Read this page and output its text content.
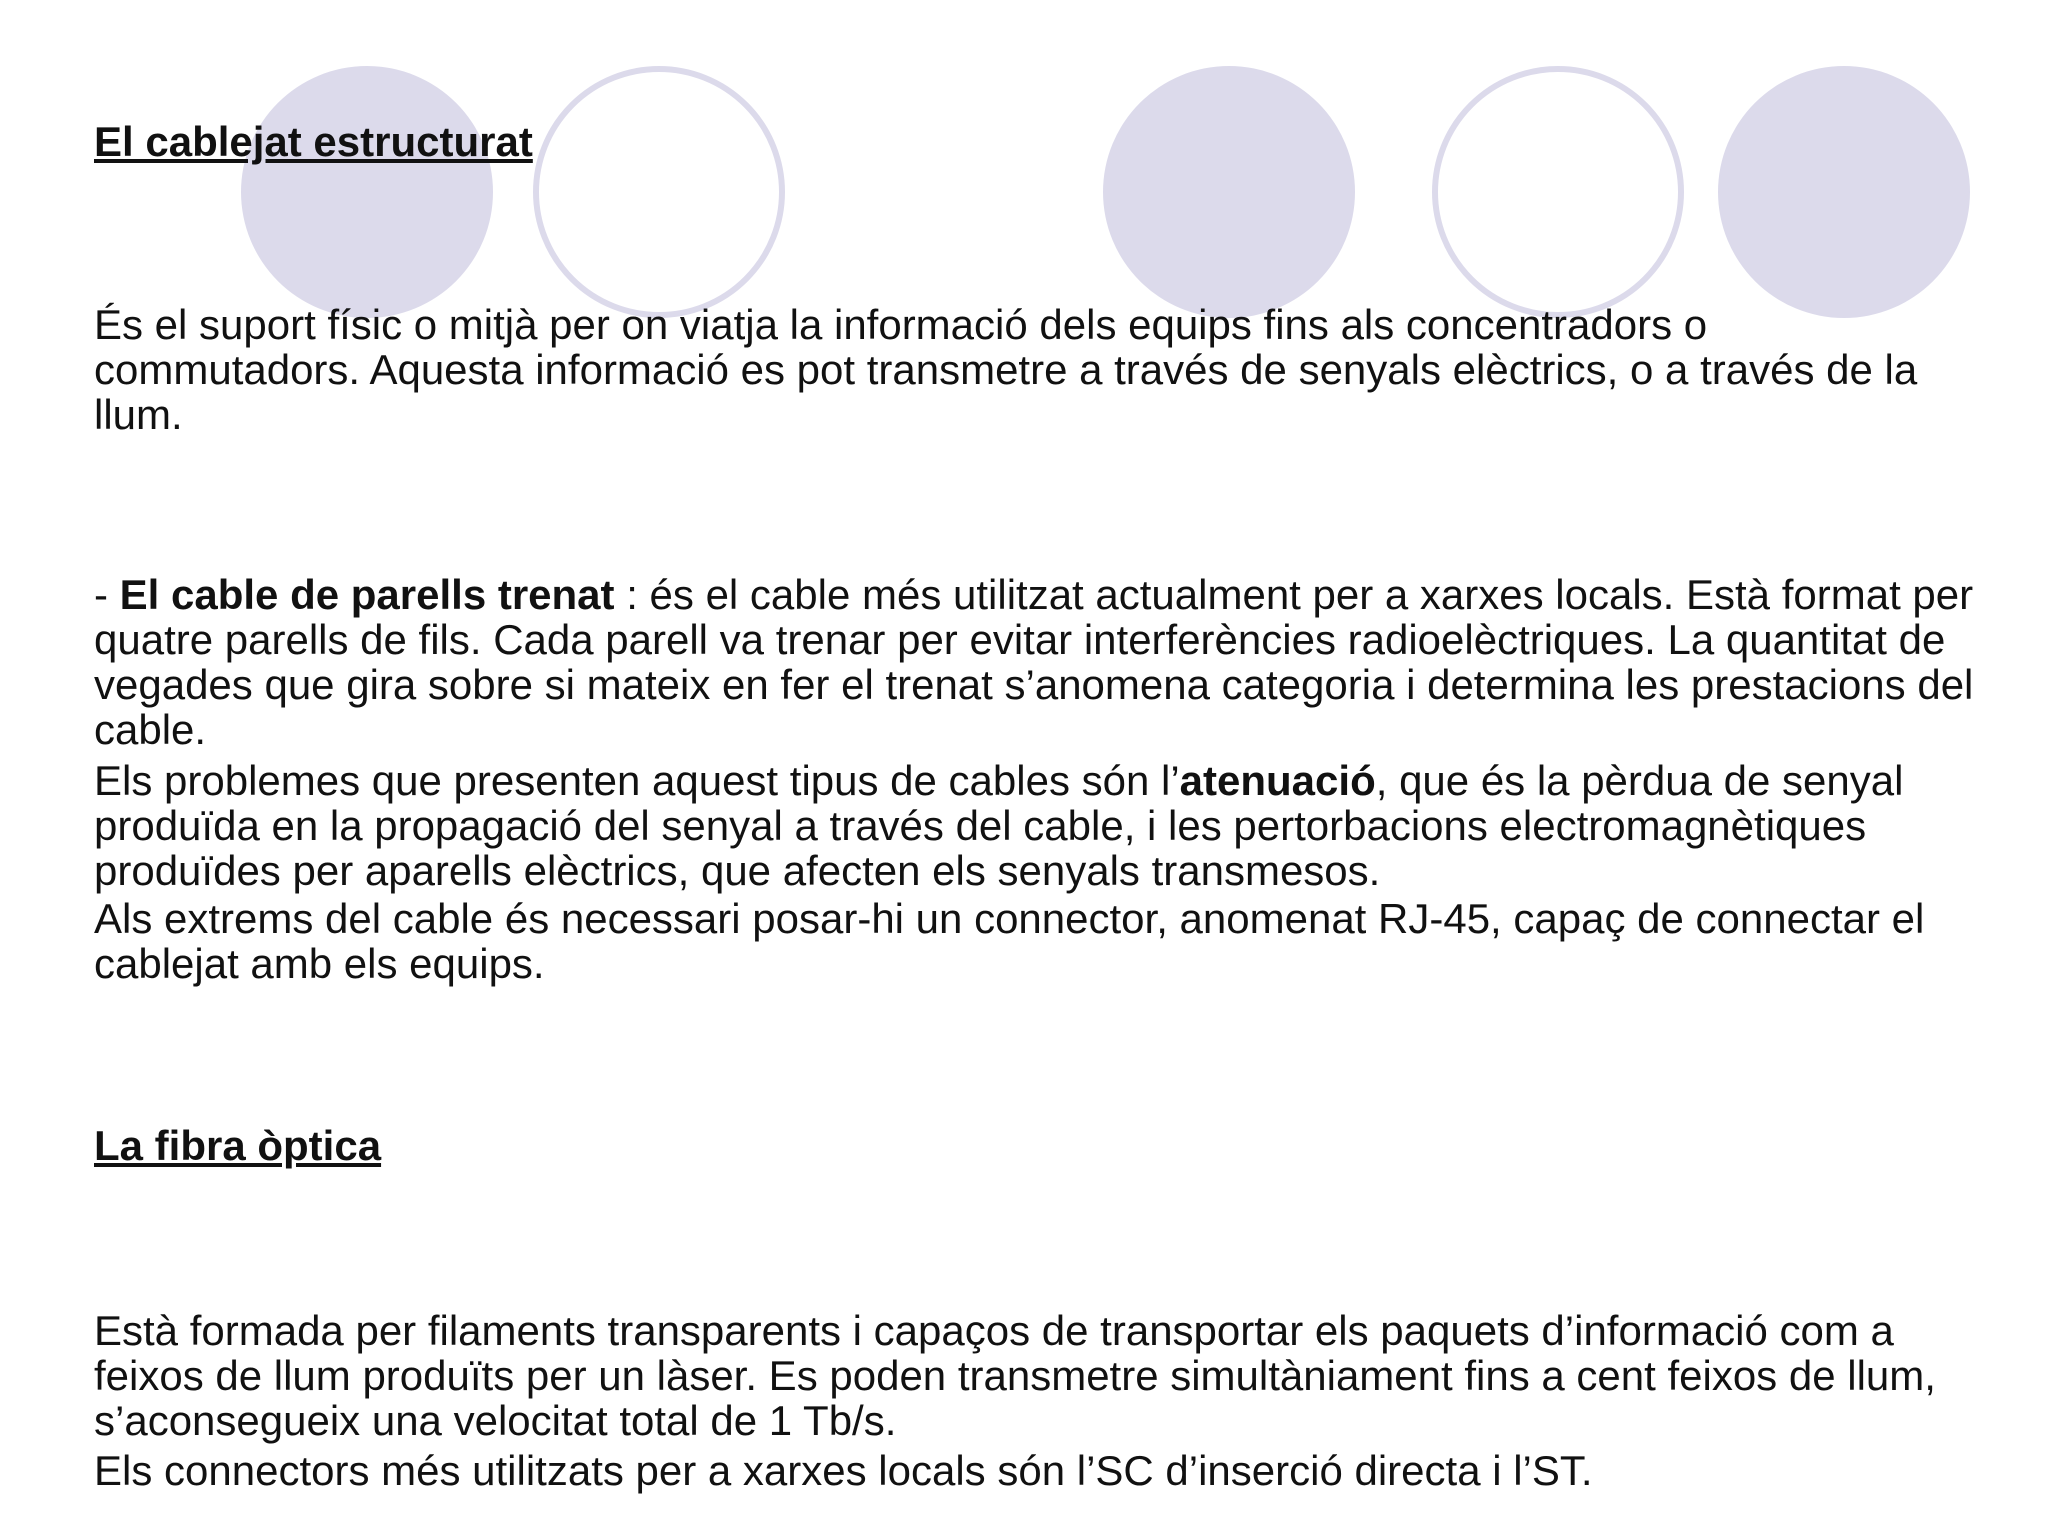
El cablejat estructurat

És el suport físic o mitjà per on viatja la informació dels equips fins als concentradors o commutadors. Aquesta informació es pot transmetre a través de senyals elèctrics, o a través de la llum.

- El cable de parells trenat : és el cable més utilitzat actualment per a xarxes locals. Està format per quatre parells de fils. Cada parell va trenar per evitar interferències radioelèctriques. La quantitat de vegades que gira sobre si mateix en fer el trenat s’anomena categoria i determina les prestacions del cable.

Els problemes que presenten aquest tipus de cables són l’atenuació, que és la pèrdua de senyal produïda en la propagació del senyal a través del cable, i les pertorbacions electromagnètiques produïdes per aparells elèctrics, que afecten els senyals transmesos.

Als extrems del cable és necessari posar-hi un connector, anomenat RJ-45, capaç de connectar el cablejat amb els equips.

La fibra òptica

Està formada per filaments transparents i capaços de transportar els paquets d’informació com a feixos de llum produïts per un làser. Es poden transmetre simultàniament fins a cent feixos de llum, s’aconsegueix una velocitat total de 1 Tb/s.

Els connectors més utilitzats per a xarxes locals són l’SC d’inserció directa i l’ST.
